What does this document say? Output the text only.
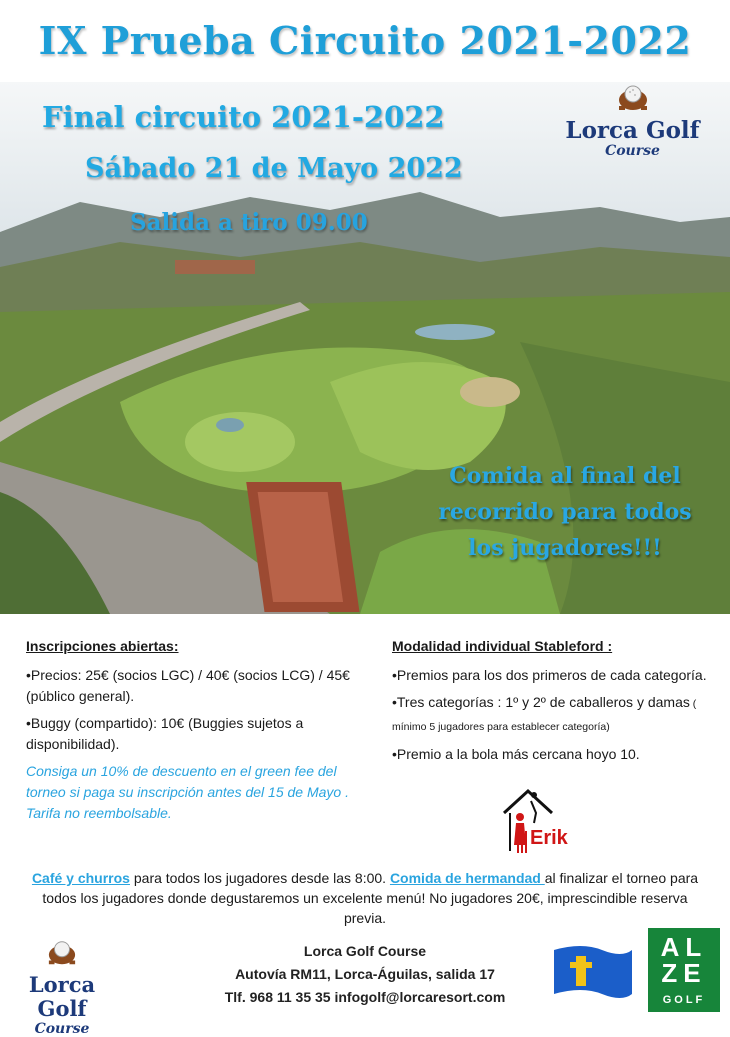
IX Prueba Circuito 2021-2022
Final circuito 2021-2022
Sábado 21 de Mayo 2022
Salida a tiro 09.00
Lorca Golf
Course
Comida al final del
recorrido para todos
los jugadores!!!
Inscripciones abiertas:
•Precios: 25€ (socios LGC) / 40€ (socios LCG) / 45€ (público general).
•Buggy (compartido): 10€ (Buggies sujetos a disponibilidad).
Consiga un 10% de descuento en el green fee del torneo si paga su inscripción antes del 15 de Mayo . Tarifa no reembolsable.
Modalidad individual Stableford :
•Premios para los dos primeros de cada categoría.
•Tres categorías : 1º y 2º de caballeros y damas ( mínimo 5 jugadores para establecer categoría)
•Premio a la bola más cercana hoyo 10.
Erik
Café y churros para todos los jugadores desde las 8:00. Comida de hermandad al finalizar el torneo para todos los jugadores donde degustaremos un excelente menú! No jugadores 20€, imprescindible reserva previa.
Lorca Golf
Course
Lorca Golf Course
Autovía RM11, Lorca-Águilas, salida 17
Tlf. 968 11 35 35 infogolf@lorcaresort.com
ALZE
GOLF
